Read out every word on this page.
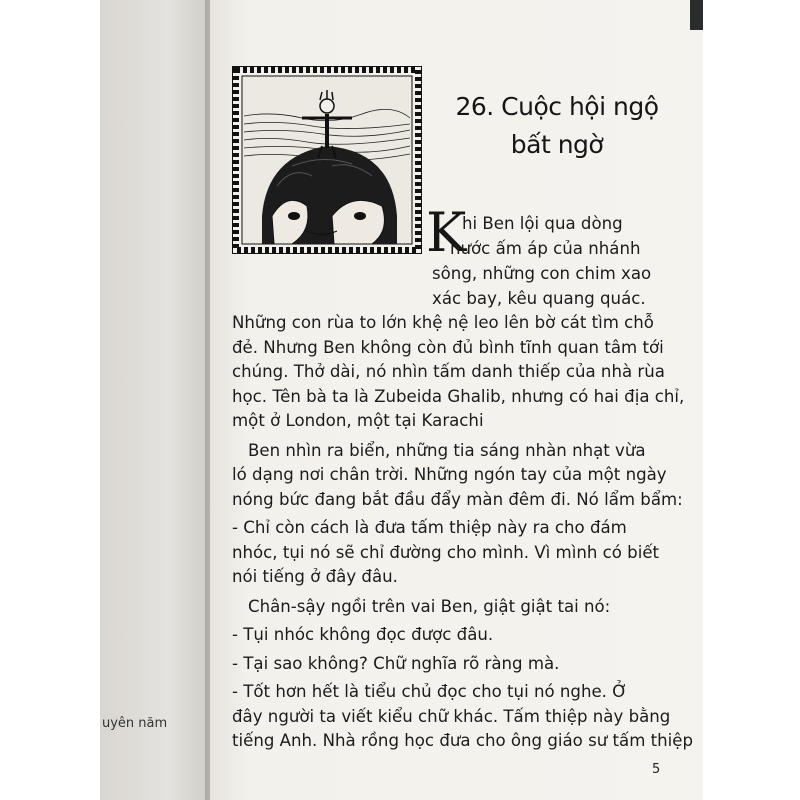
uyên năm
26. Cuộc hội ngộ
bất ngờ
K
hi Ben lội qua dòng
nước ấm áp của nhánh
sông, những con chim xao
xác bay, kêu quang quác.
Những con rùa to lớn khệ nệ leo lên bờ cát tìm chỗ
đẻ. Nhưng Ben không còn đủ bình tĩnh quan tâm tới
chúng. Thở dài, nó nhìn tấm danh thiếp của nhà rùa
học. Tên bà ta là Zubeida Ghalib, nhưng có hai địa chỉ,
một ở London, một tại Karachi
Ben nhìn ra biển, những tia sáng nhàn nhạt vừa
ló dạng nơi chân trời. Những ngón tay của một ngày
nóng bức đang bắt đầu đẩy màn đêm đi. Nó lẩm bẩm:
- Chỉ còn cách là đưa tấm thiệp này ra cho đám
nhóc, tụi nó sẽ chỉ đường cho mình. Vì mình có biết
nói tiếng ở đây đâu.
Chân-sậy ngồi trên vai Ben, giật giật tai nó:
- Tụi nhóc không đọc được đâu.
- Tại sao không? Chữ nghĩa rõ ràng mà.
- Tốt hơn hết là tiểu chủ đọc cho tụi nó nghe. Ở
đây người ta viết kiểu chữ khác. Tấm thiệp này bằng
tiếng Anh. Nhà rồng học đưa cho ông giáo sư tấm thiệp
5
